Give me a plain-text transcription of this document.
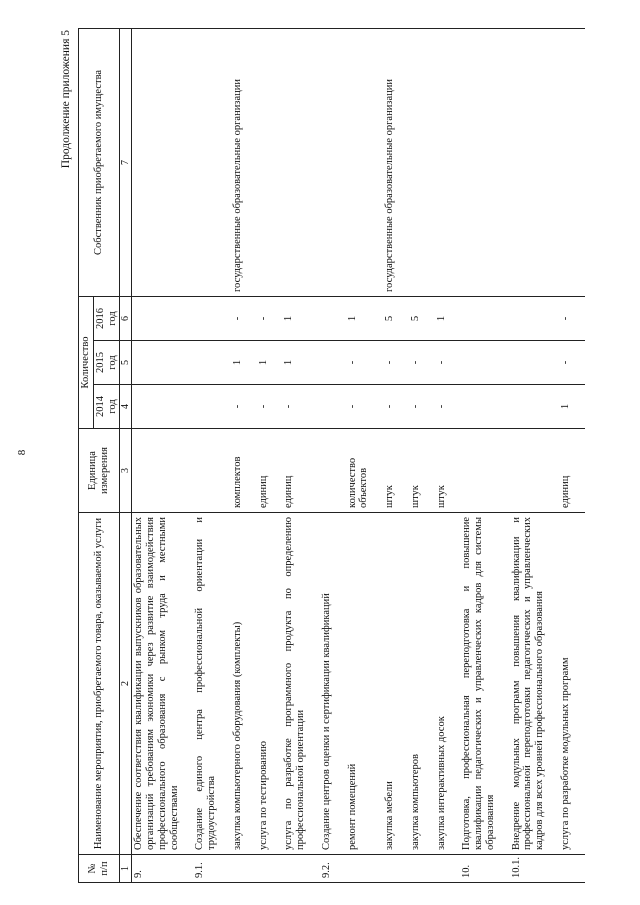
8
Продолжение приложения 5
№ п/п	Наименование мероприятия, приобретаемого товара, оказываемой услуги	Единица измерения	Количество			Собственник приобретаемого имущества
			2014 год	2015 год	2016 год	
1	2	3	4	5	6	7
9.	Обеспечение соответствия квалификации выпускников образовательных организаций требованиям экономики через развитие взаимодействия профессионального образования с рынком труда и местными сообществами					

9.1.	Создание единого центра профессиональной ориентации и трудоустройства					

	закупка компьютерного оборудования (комплекты)	комплектов	-	1	-	государственные образовательные организации

	услуга по тестированию	единиц	-	1	-	

	услуга по разработке программного продукта по определению профессиональной ориентации	единиц	-	1	1	

9.2.	Создание центров оценки и сертификации квалификаций					

	ремонт помещений	количество объектов	-	-	1	

	закупка мебели	штук	-	-	5	государственные образовательные организации

	закупка компьютеров	штук	-	-	5	

	закупка интерактивных досок	штук	-	-	1	

10.	Подготовка, профессиональная переподготовка и повышение квалификации педагогических и управленческих кадров для системы образования					

10.1.	Внедрение модульных программ повышения квалификации и профессиональной переподготовки педагогических и управленческих кадров для всех уровней профессионального образования					

	услуга по разработке модульных программ	единиц	1	-	-	
